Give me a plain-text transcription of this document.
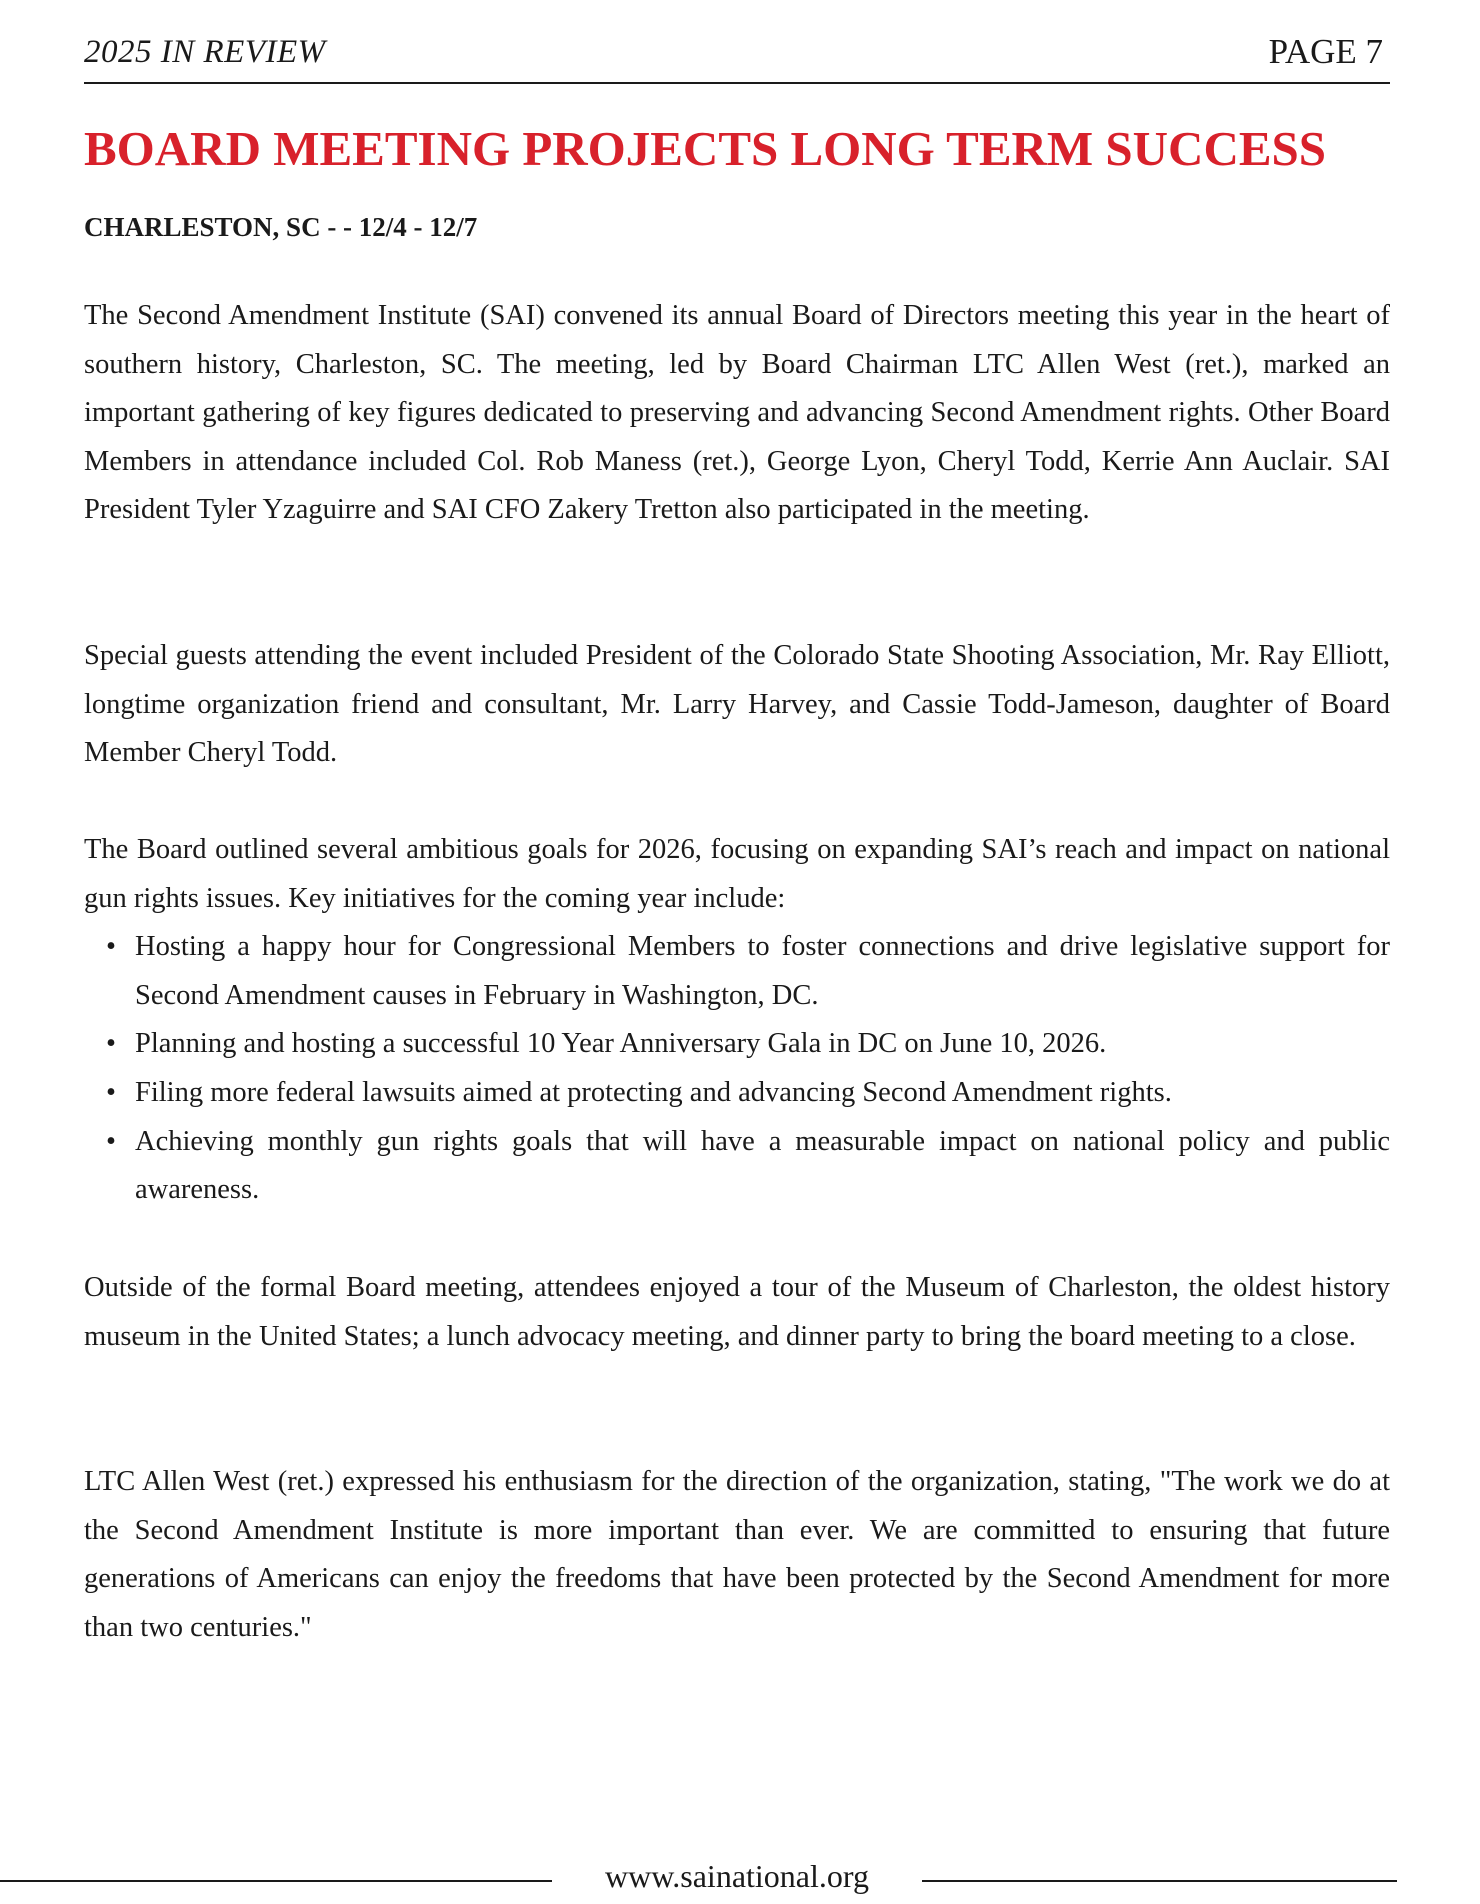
2025 IN REVIEW	PAGE 7
BOARD MEETING PROJECTS LONG TERM SUCCESS

CHARLESTON, SC - - 12/4 - 12/7

The Second Amendment Institute (SAI) convened its annual Board of Directors meeting this year in the heart of southern history, Charleston, SC. The meeting, led by Board Chairman LTC Allen West (ret.), marked an important gathering of key figures dedicated to preserving and advancing Second Amendment rights. Other Board Members in attendance included Col. Rob Maness (ret.), George Lyon, Cheryl Todd, Kerrie Ann Auclair. SAI President Tyler Yzaguirre and SAI CFO Zakery Tretton also participated in the meeting.

Special guests attending the event included President of the Colorado State Shooting Association, Mr. Ray Elliott, longtime organization friend and consultant, Mr. Larry Harvey, and Cassie Todd-Jameson, daughter of Board Member Cheryl Todd.

The Board outlined several ambitious goals for 2026, focusing on expanding SAI’s reach and impact on national gun rights issues. Key initiatives for the coming year include:

• Hosting a happy hour for Congressional Members to foster connections and drive legislative support for Second Amendment causes in February in Washington, DC.
• Planning and hosting a successful 10 Year Anniversary Gala in DC on June 10, 2026.
• Filing more federal lawsuits aimed at protecting and advancing Second Amendment rights.
• Achieving monthly gun rights goals that will have a measurable impact on national policy and public awareness.

Outside of the formal Board meeting, attendees enjoyed a tour of the Museum of Charleston, the oldest history museum in the United States; a lunch advocacy meeting, and dinner party to bring the board meeting to a close.

LTC Allen West (ret.) expressed his enthusiasm for the direction of the organization, stating, "The work we do at the Second Amendment Institute is more important than ever. We are committed to ensuring that future generations of Americans can enjoy the freedoms that have been protected by the Second Amendment for more than two centuries."

www.sainational.org
